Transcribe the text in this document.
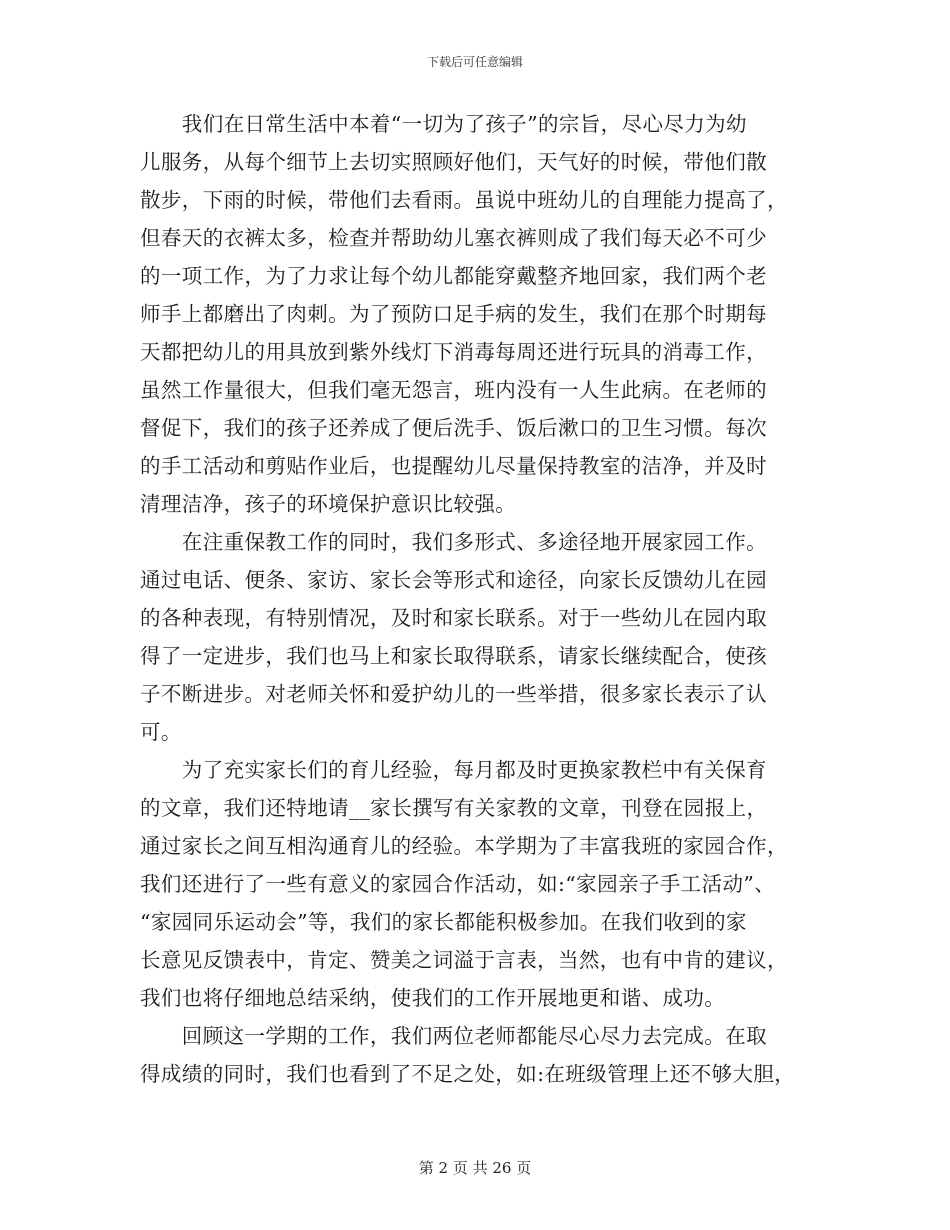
下载后可任意编辑
　　我们在日常生活中本着“一切为了孩子”的宗旨，尽心尽力为幼
儿服务，从每个细节上去切实照顾好他们，天气好的时候，带他们散
散步，下雨的时候，带他们去看雨。虽说中班幼儿的自理能力提高了，
但春天的衣裤太多，检查并帮助幼儿塞衣裤则成了我们每天必不可少
的一项工作，为了力求让每个幼儿都能穿戴整齐地回家，我们两个老
师手上都磨出了肉刺。为了预防口足手病的发生，我们在那个时期每
天都把幼儿的用具放到紫外线灯下消毒每周还进行玩具的消毒工作，
虽然工作量很大，但我们毫无怨言，班内没有一人生此病。在老师的
督促下，我们的孩子还养成了便后洗手、饭后漱口的卫生习惯。每次
的手工活动和剪贴作业后，也提醒幼儿尽量保持教室的洁净，并及时
清理洁净，孩子的环境保护意识比较强。
　　在注重保教工作的同时，我们多形式、多途径地开展家园工作。
通过电话、便条、家访、家长会等形式和途径，向家长反馈幼儿在园
的各种表现，有特别情况，及时和家长联系。对于一些幼儿在园内取
得了一定进步，我们也马上和家长取得联系，请家长继续配合，使孩
子不断进步。对老师关怀和爱护幼儿的一些举措，很多家长表示了认
可。
　　为了充实家长们的育儿经验，每月都及时更换家教栏中有关保育
的文章，我们还特地请__家长撰写有关家教的文章，刊登在园报上，
通过家长之间互相沟通育儿的经验。本学期为了丰富我班的家园合作，
我们还进行了一些有意义的家园合作活动，如:“家园亲子手工活动”、
“家园同乐运动会”等，我们的家长都能积极参加。在我们收到的家
长意见反馈表中，肯定、赞美之词溢于言表，当然，也有中肯的建议，
我们也将仔细地总结采纳，使我们的工作开展地更和谐、成功。
　　回顾这一学期的工作，我们两位老师都能尽心尽力去完成。在取
得成绩的同时，我们也看到了不足之处，如:在班级管理上还不够大胆，
第 2 页 共 26 页
